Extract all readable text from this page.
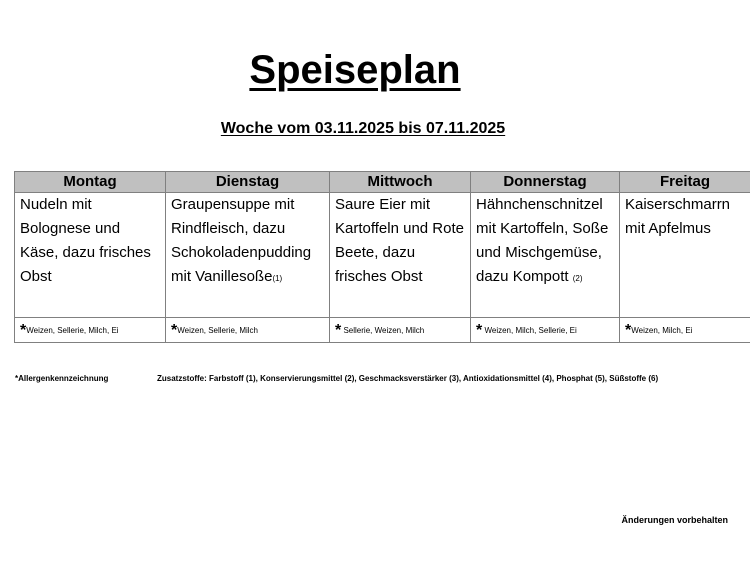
Speiseplan
Woche vom 03.11.2025 bis 07.11.2025
Montag	Dienstag	Mittwoch	Donnerstag	Freitag
Nudeln mit Bolognese und Käse, dazu frisches Obst	Graupensuppe mit Rindfleisch, dazu Schokoladenpudding mit Vanillesoße(1)	Saure Eier mit Kartoffeln und Rote Beete, dazu frisches Obst	Hähnchenschnitzel mit Kartoffeln, Soße und Mischgemüse, dazu Kompott (2)	Kaiserschmarrn mit Apfelmus
*Weizen, Sellerie, Milch, Ei	*Weizen, Sellerie, Milch	* Sellerie, Weizen, Milch	* Weizen, Milch, Sellerie, Ei	*Weizen, Milch, Ei
*Allergenkennzeichnung	Zusatzstoffe: Farbstoff (1), Konservierungsmittel (2), Geschmacksverstärker (3), Antioxidationsmittel (4), Phosphat (5), Süßstoffe (6)
Änderungen vorbehalten
